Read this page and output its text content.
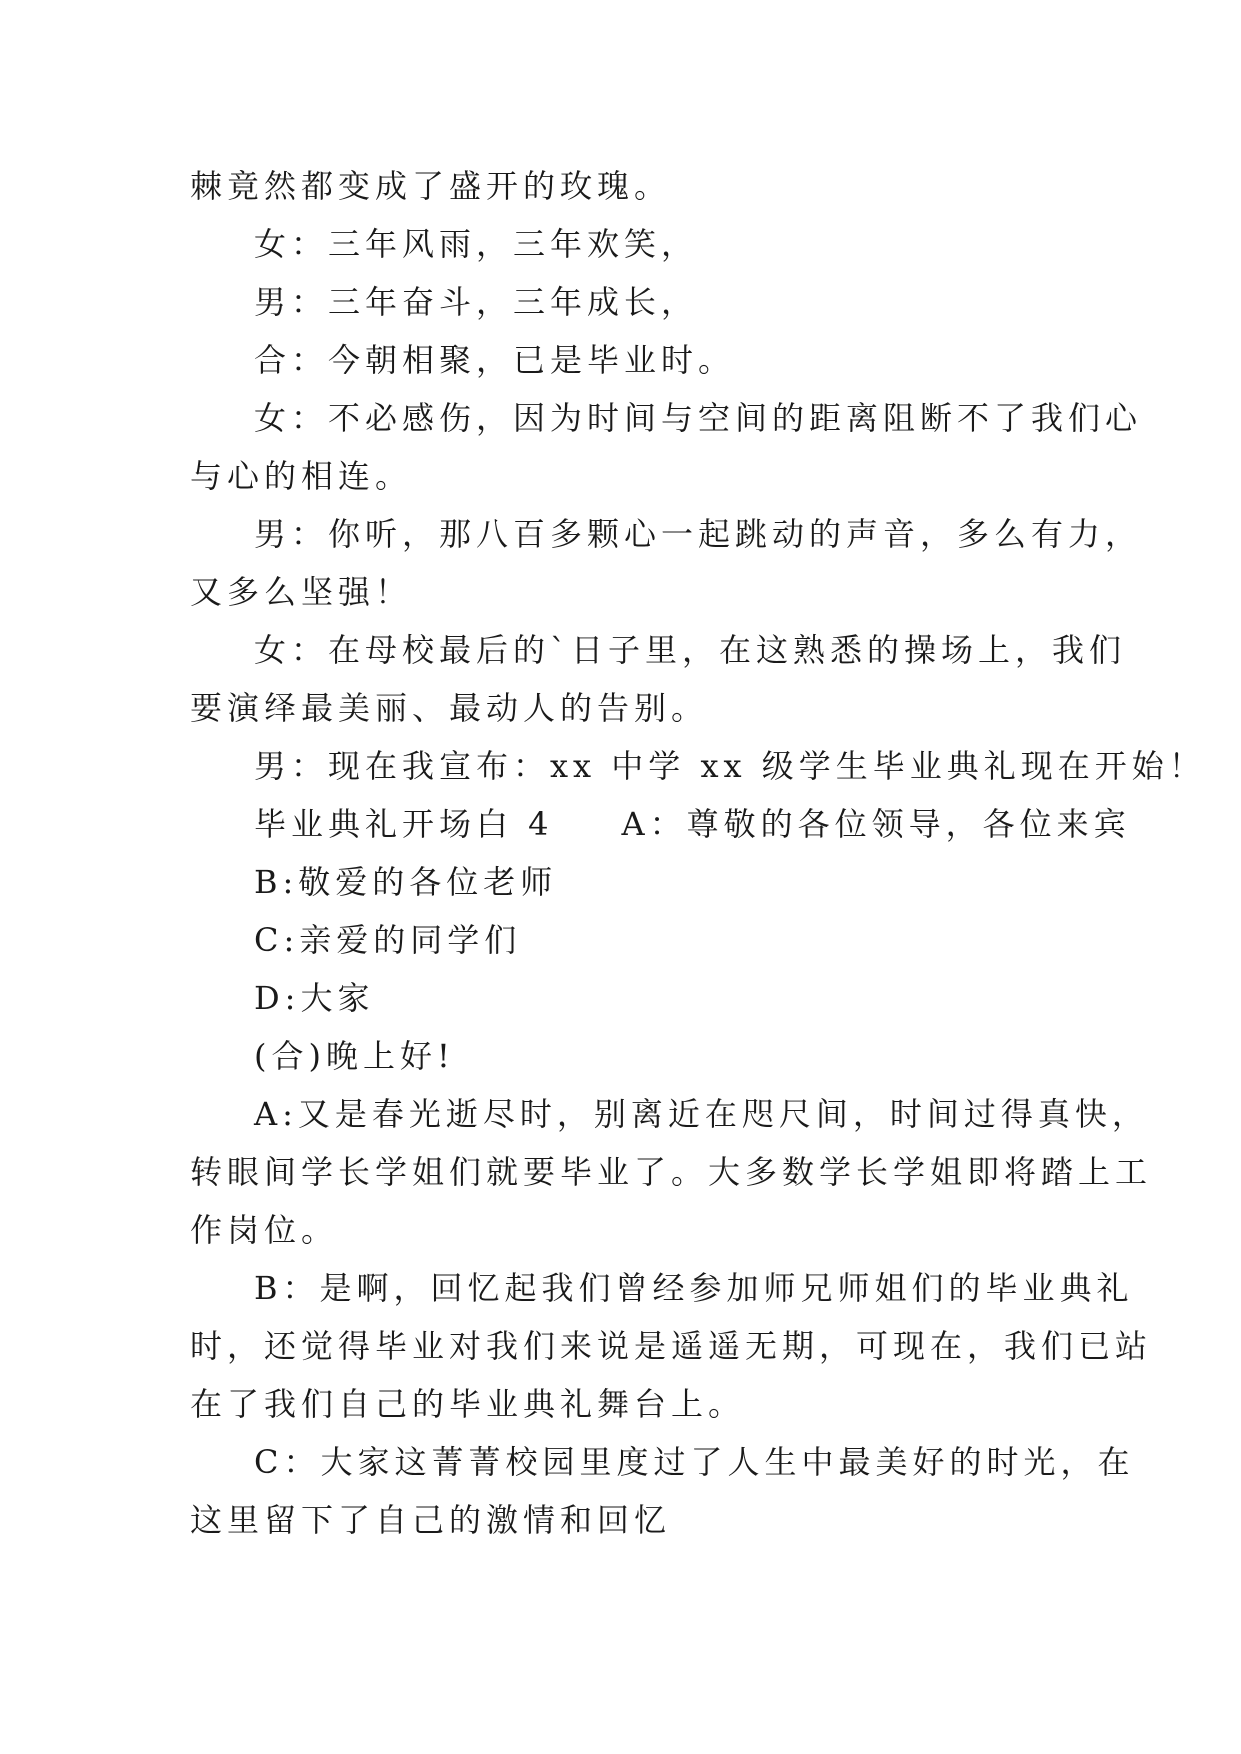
棘竟然都变成了盛开的玫瑰。
女：三年风雨，三年欢笑，
男：三年奋斗，三年成长，
合：今朝相聚，已是毕业时。
女：不必感伤，因为时间与空间的距离阻断不了我们心
与心的相连。
男：你听，那八百多颗心一起跳动的声音，多么有力，
又多么坚强！
女：在母校最后的`日子里，在这熟悉的操场上，我们
要演绎最美丽、最动人的告别。
男：现在我宣布：xx 中学 xx 级学生毕业典礼现在开始！
毕业典礼开场白 4 A：尊敬的各位领导，各位来宾
B:敬爱的各位老师
C:亲爱的同学们
D:大家
(合)晚上好!
A:又是春光逝尽时，别离近在咫尺间，时间过得真快，
转眼间学长学姐们就要毕业了。大多数学长学姐即将踏上工
作岗位。
B：是啊，回忆起我们曾经参加师兄师姐们的毕业典礼
时，还觉得毕业对我们来说是遥遥无期，可现在，我们已站
在了我们自己的毕业典礼舞台上。
C：大家这菁菁校园里度过了人生中最美好的时光，在
这里留下了自己的激情和回忆
